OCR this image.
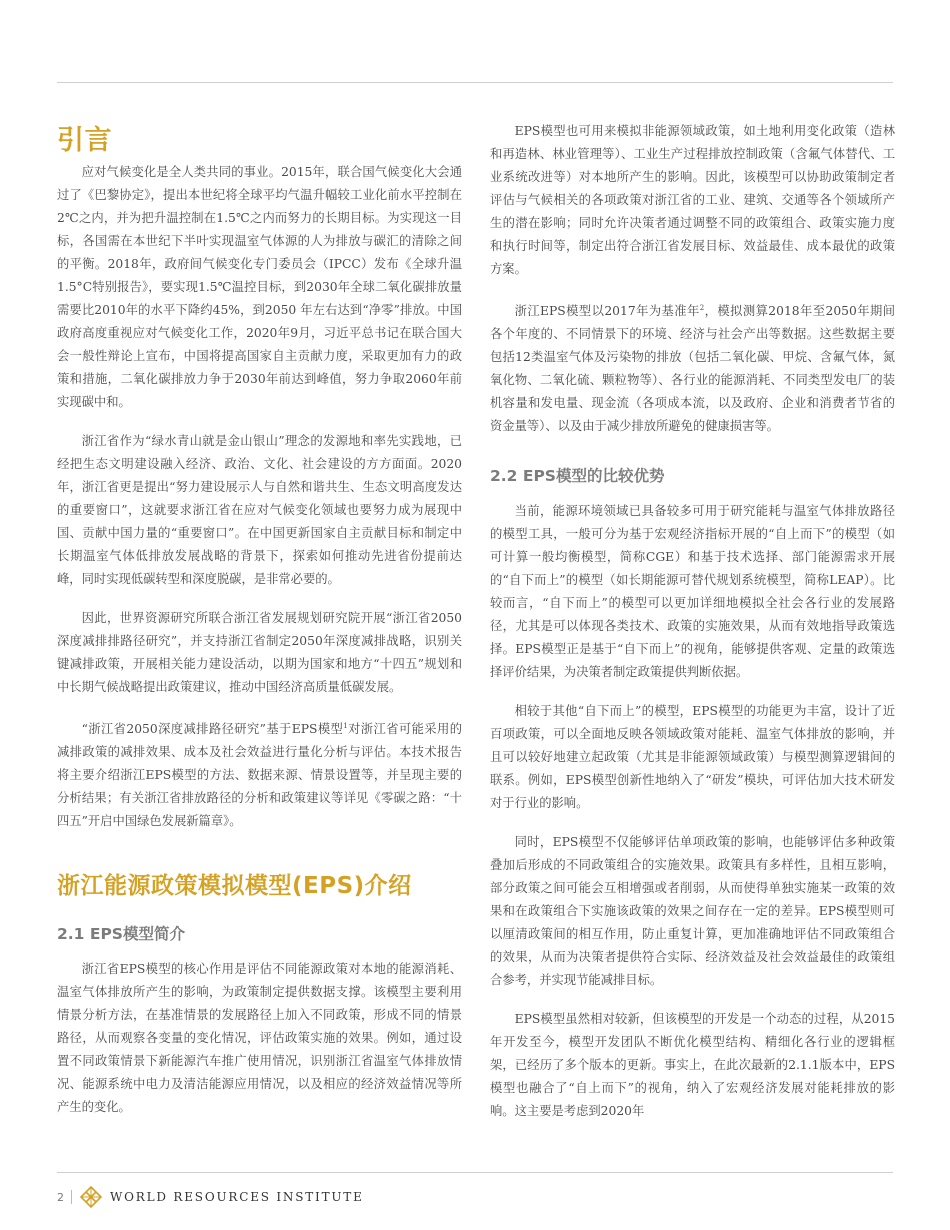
引言

应对气候变化是全人类共同的事业。2015年，联合国气候变化大会通过了《巴黎协定》，提出本世纪将全球平均气温升幅较工业化前水平控制在2℃之内，并为把升温控制在1.5℃之内而努力的长期目标。为实现这一目标，各国需在本世纪下半叶实现温室气体源的人为排放与碳汇的清除之间的平衡。2018年，政府间气候变化专门委员会（IPCC）发布《全球升温1.5°C特别报告》，要实现1.5℃温控目标，到2030年全球二氧化碳排放量需要比2010年的水平下降约45%，到2050 年左右达到“净零”排放。中国政府高度重视应对气候变化工作，2020年9月，习近平总书记在联合国大会一般性辩论上宣布，中国将提高国家自主贡献力度，采取更加有力的政策和措施，二氧化碳排放力争于2030年前达到峰值，努力争取2060年前实现碳中和。

浙江省作为“绿水青山就是金山银山”理念的发源地和率先实践地，已经把生态文明建设融入经济、政治、文化、社会建设的方方面面。2020年，浙江省更是提出“努力建设展示人与自然和谐共生、生态文明高度发达的重要窗口”，这就要求浙江省在应对气候变化领域也要努力成为展现中国、贡献中国力量的“重要窗口”。在中国更新国家自主贡献目标和制定中长期温室气体低排放发展战略的背景下，探索如何推动先进省份提前达峰，同时实现低碳转型和深度脱碳，是非常必要的。

因此，世界资源研究所联合浙江省发展规划研究院开展“浙江省2050深度减排排路径研究”，并支持浙江省制定2050年深度减排战略，识别关键减排政策，开展相关能力建设活动，以期为国家和地方“十四五”规划和中长期气候战略提出政策建议，推动中国经济高质量低碳发展。

“浙江省2050深度减排路径研究”基于EPS模型$^1$对浙江省可能采用的减排政策的减排效果、成本及社会效益进行量化分析与评估。本技术报告将主要介绍浙江EPS模型的方法、数据来源、情景设置等，并呈现主要的分析结果；有关浙江省排放路径的分析和政策建议等详见《零碳之路：“十四五”开启中国绿色发展新篇章》。

浙江能源政策模拟模型(EPS)介绍
2.1 EPS模型简介

浙江省EPS模型的核心作用是评估不同能源政策对本地的能源消耗、温室气体排放所产生的影响，为政策制定提供数据支撑。该模型主要利用情景分析方法，在基准情景的发展路径上加入不同政策，形成不同的情景路径，从而观察各变量的变化情况，评估政策实施的效果。例如，通过设置不同政策情景下新能源汽车推广使用情况，识别浙江省温室气体排放情况、能源系统中电力及清洁能源应用情况，以及相应的经济效益情况等所产生的变化。

EPS模型也可用来模拟非能源领域政策，如土地利用变化政策（造林和再造林、林业管理等）、工业生产过程排放控制政策（含氟气体替代、工业系统改进等）对本地所产生的影响。因此，该模型可以协助政策制定者评估与气候相关的各项政策对浙江省的工业、建筑、交通等各个领域所产生的潜在影响；同时允许决策者通过调整不同的政策组合、政策实施力度和执行时间等，制定出符合浙江省发展目标、效益最佳、成本最优的政策方案。

浙江EPS模型以2017年为基准年$^2$，模拟测算2018年至2050年期间各个年度的、不同情景下的环境、经济与社会产出等数据。这些数据主要包括12类温室气体及污染物的排放（包括二氧化碳、甲烷、含氟气体，氮氧化物、二氧化硫、颗粒物等）、各行业的能源消耗、不同类型发电厂的装机容量和发电量、现金流（各项成本流，以及政府、企业和消费者节省的资金量等）、以及由于减少排放所避免的健康损害等。

2.2 EPS模型的比较优势

当前，能源环境领域已具备较多可用于研究能耗与温室气体排放路径的模型工具，一般可分为基于宏观经济指标开展的“自上而下”的模型（如可计算一般均衡模型，简称CGE）和基于技术选择、部门能源需求开展的“自下而上”的模型（如长期能源可替代规划系统模型，简称LEAP）。比较而言，“自下而上”的模型可以更加详细地模拟全社会各行业的发展路径，尤其是可以体现各类技术、政策的实施效果，从而有效地指导政策选择。EPS模型正是基于“自下而上”的视角，能够提供客观、定量的政策选择评价结果，为决策者制定政策提供判断依据。

相较于其他“自下而上”的模型，EPS模型的功能更为丰富，设计了近百项政策，可以全面地反映各领域政策对能耗、温室气体排放的影响，并且可以较好地建立起政策（尤其是非能源领域政策）与模型测算逻辑间的联系。例如，EPS模型创新性地纳入了“研发”模块，可评估加大技术研发对于行业的影响。

同时，EPS模型不仅能够评估单项政策的影响，也能够评估多种政策叠加后形成的不同政策组合的实施效果。政策具有多样性，且相互影响，部分政策之间可能会互相增强或者削弱，从而使得单独实施某一政策的效果和在政策组合下实施该政策的效果之间存在一定的差异。EPS模型则可以厘清政策间的相互作用，防止重复计算，更加准确地评估不同政策组合的效果，从而为决策者提供符合实际、经济效益及社会效益最佳的政策组合参考，并实现节能减排目标。

EPS模型虽然相对较新，但该模型的开发是一个动态的过程，从2015年开发至今，模型开发团队不断优化模型结构、精细化各行业的逻辑框架，已经历了多个版本的更新。事实上，在此次最新的2.1.1版本中，EPS模型也融合了“自上而下”的视角，纳入了宏观经济发展对能耗排放的影响。这主要是考虑到2020年

2	WORLD RESOURCES INSTITUTE
